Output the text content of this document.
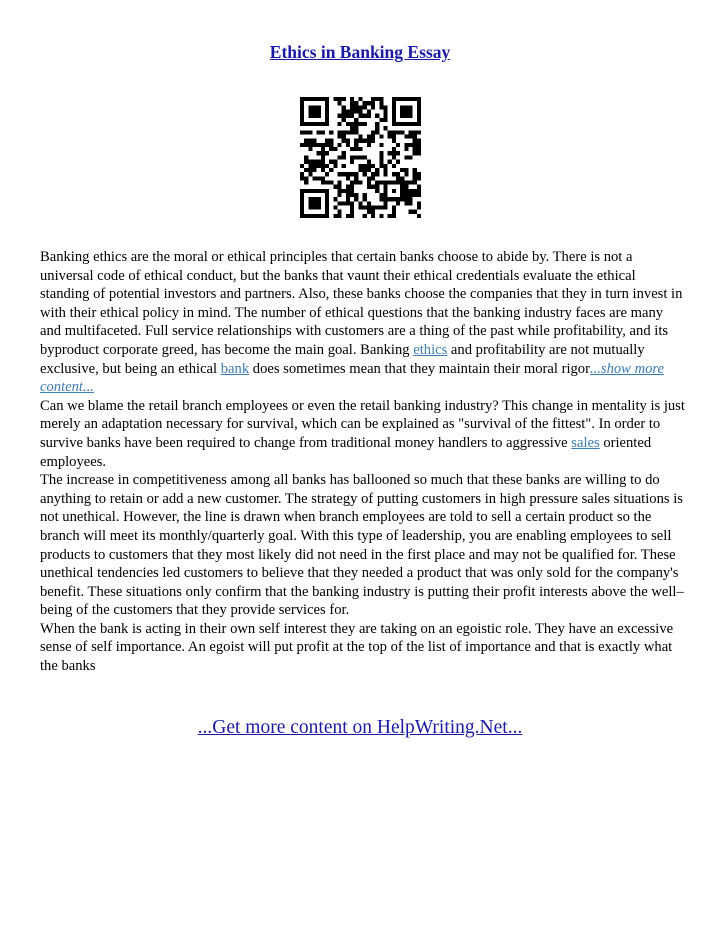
Ethics in Banking Essay

Banking ethics are the moral or ethical principles that certain banks choose to abide by. There is not a universal code of ethical conduct, but the banks that vaunt their ethical credentials evaluate the ethical standing of potential investors and partners. Also, these banks choose the companies that they in turn invest in with their ethical policy in mind. The number of ethical questions that the banking industry faces are many and multifaceted. Full service relationships with customers are a thing of the past while profitability, and its byproduct corporate greed, has become the main goal. Banking ethics and profitability are not mutually exclusive, but being an ethical bank does sometimes mean that they maintain their moral rigor...show more content...

Can we blame the retail branch employees or even the retail banking industry? This change in mentality is just merely an adaptation necessary for survival, which can be explained as "survival of the fittest". In order to survive banks have been required to change from traditional money handlers to aggressive sales oriented employees.

The increase in competitiveness among all banks has ballooned so much that these banks are willing to do anything to retain or add a new customer. The strategy of putting customers in high pressure sales situations is not unethical. However, the line is drawn when branch employees are told to sell a certain product so the branch will meet its monthly/quarterly goal. With this type of leadership, you are enabling employees to sell products to customers that they most likely did not need in the first place and may not be qualified for. These unethical tendencies led customers to believe that they needed a product that was only sold for the company's benefit. These situations only confirm that the banking industry is putting their profit interests above the well–being of the customers that they provide services for.

When the bank is acting in their own self interest they are taking on an egoistic role. They have an excessive sense of self importance. An egoist will put profit at the top of the list of importance and that is exactly what the banks

...Get more content on HelpWriting.Net...
